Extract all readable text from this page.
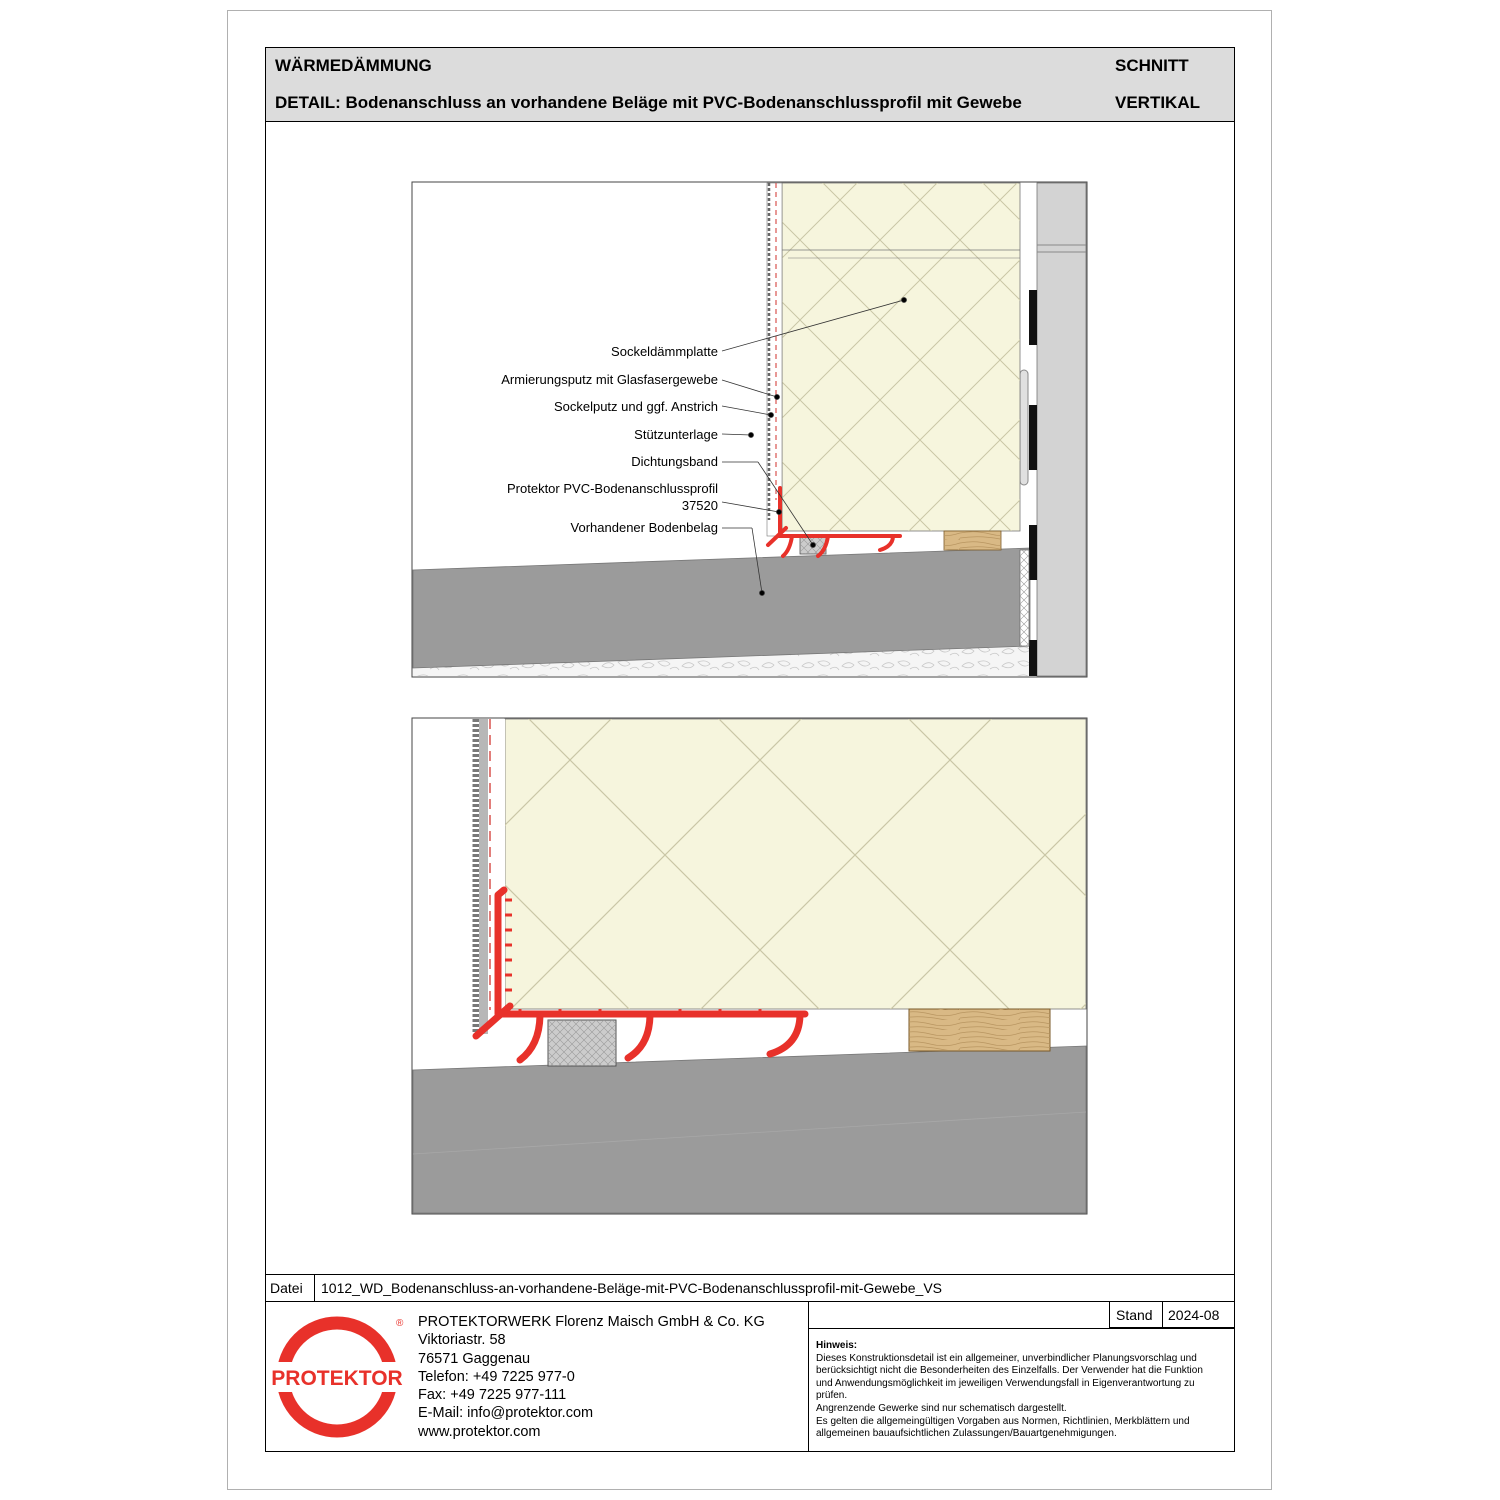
WÄRMEDÄMMUNG	SCHNITT
DETAIL: Bodenanschluss an vorhandene Beläge mit PVC-Bodenanschlussprofil mit Gewebe	VERTIKAL
Sockeldämmplatte
Armierungsputz mit Glasfasergewebe
Sockelputz und ggf. Anstrich
Stützunterlage
Dichtungsband
Protektor PVC-Bodenanschlussprofil
37520
Vorhandener Bodenbelag
PROTEKTOR
®
Datei	1012_WD_Bodenanschluss-an-vorhandene-Beläge-mit-PVC-Bodenanschlussprofil-mit-Gewebe_VS
PROTEKTORWERK Florenz Maisch GmbH & Co. KG
Viktoriastr. 58
76571 Gaggenau
Telefon: +49 7225 977-0
Fax: +49 7225 977-111
E-Mail: info@protektor.com
www.protektor.com
Stand	2024-08
Hinweis:
Dieses Konstruktionsdetail ist ein allgemeiner, unverbindlicher Planungsvorschlag und
berücksichtigt nicht die Besonderheiten des Einzelfalls. Der Verwender hat die Funktion
und Anwendungsmöglichkeit im jeweiligen Verwendungsfall in Eigenverantwortung zu
prüfen.
Angrenzende Gewerke sind nur schematisch dargestellt.
Es gelten die allgemeingültigen Vorgaben aus Normen, Richtlinien, Merkblättern und
allgemeinen bauaufsichtlichen Zulassungen/Bauartgenehmigungen.
